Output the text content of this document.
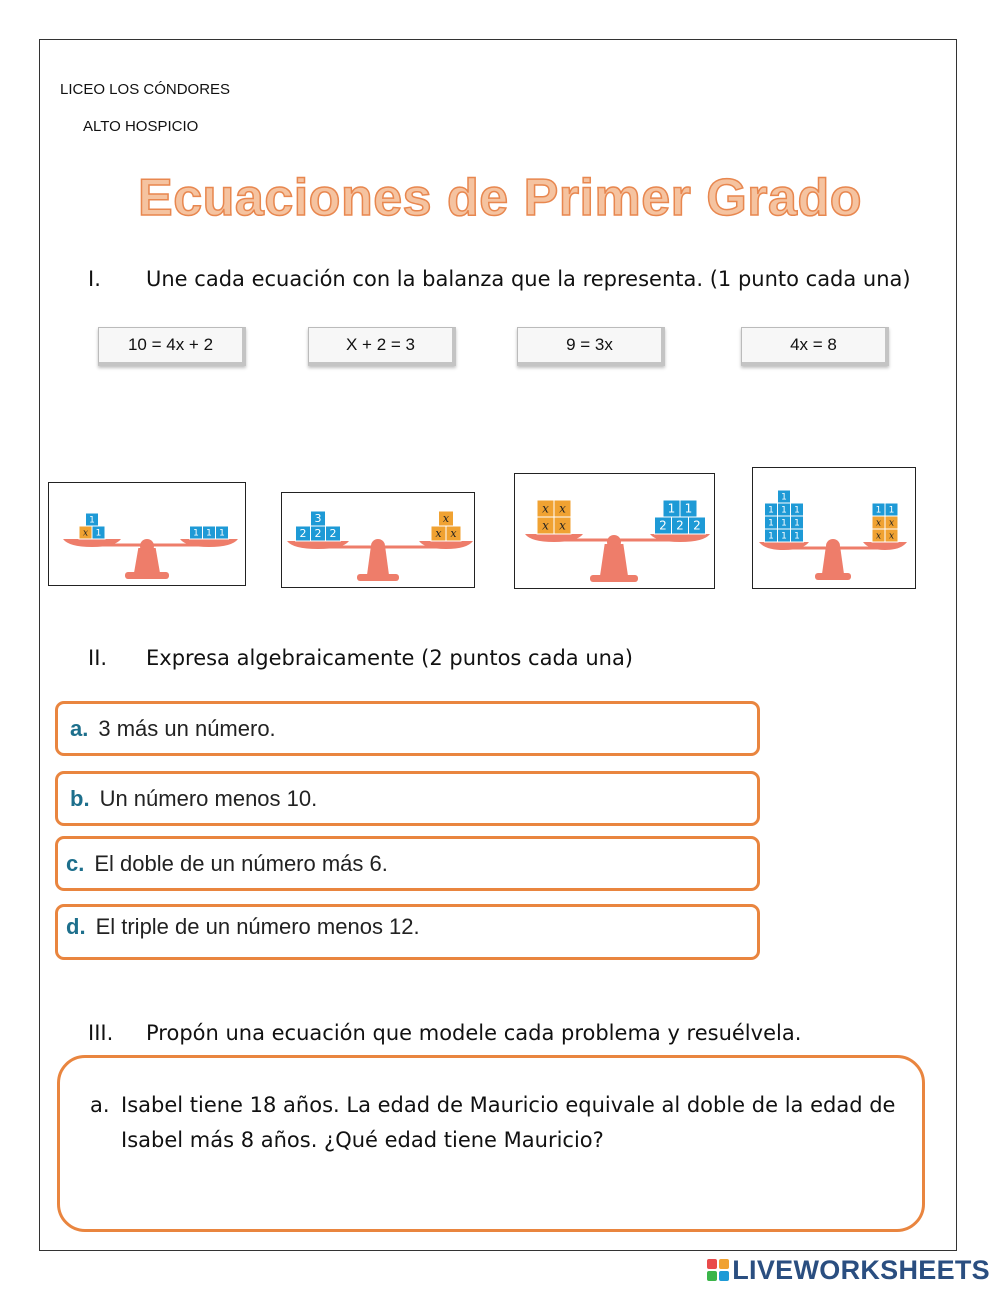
LICEO LOS CÓNDORES
ALTO HOSPICIO
Ecuaciones de Primer Grado
I. Une cada ecuación con la balanza que la representa. (1 punto cada una)
10 = 4x + 2	X + 2 = 3	9 = 3x	4x = 8
1
x 1	1 1 1
3
2 2 2
x
x x
x x
x x
1 1
2 2 2
1
1 1 1
1 1 1
1 1 1
1 1
x x
x x
II. Expresa algebraicamente (2 puntos cada una)
a. 3 más un número.
b. Un número menos 10.
c. El doble de un número más 6.
d. El triple de un número menos 12.
III. Propón una ecuación que modele cada problema y resuélvela.
a. Isabel tiene 18 años. La edad de Mauricio equivale al doble de la edad de
Isabel más 8 años. ¿Qué edad tiene Mauricio?
LIVEWORKSHEETS
